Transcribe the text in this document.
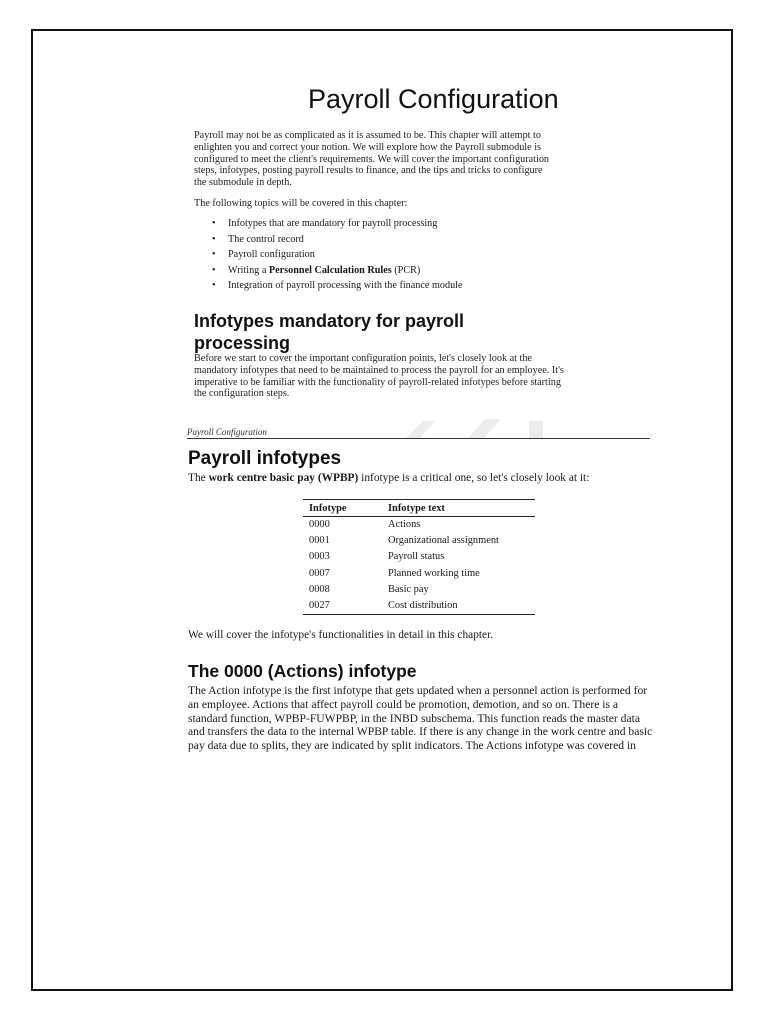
Payroll Configuration
Payroll may not be as complicated as it is assumed to be. This chapter will attempt to enlighten you and correct your notion. We will explore how the Payroll submodule is configured to meet the client's requirements. We will cover the important configuration steps, infotypes, posting payroll results to finance, and the tips and tricks to configure the submodule in depth.
The following topics will be covered in this chapter:
• Infotypes that are mandatory for payroll processing
• The control record
• Payroll configuration
• Writing a Personnel Calculation Rules (PCR)
• Integration of payroll processing with the finance module
Infotypes mandatory for payroll processing
Before we start to cover the important configuration points, let's closely look at the mandatory infotypes that need to be maintained to process the payroll for an employee. It's imperative to be familiar with the functionality of payroll-related infotypes before starting the configuration steps.
Payroll Configuration
Payroll infotypes
The work centre basic pay (WPBP) infotype is a critical one, so let's closely look at it:
Infotype	Infotype text
0000	Actions
0001	Organizational assignment
0003	Payroll status
0007	Planned working time
0008	Basic pay
0027	Cost distribution
We will cover the infotype's functionalities in detail in this chapter.
The 0000 (Actions) infotype
The Action infotype is the first infotype that gets updated when a personnel action is performed for an employee. Actions that affect payroll could be promotion, demotion, and so on. There is a standard function, WPBP-FUWPBP, in the INBD subschema. This function reads the master data and transfers the data to the internal WPBP table. If there is any change in the work centre and basic pay data due to splits, they are indicated by split indicators. The Actions infotype was covered in
